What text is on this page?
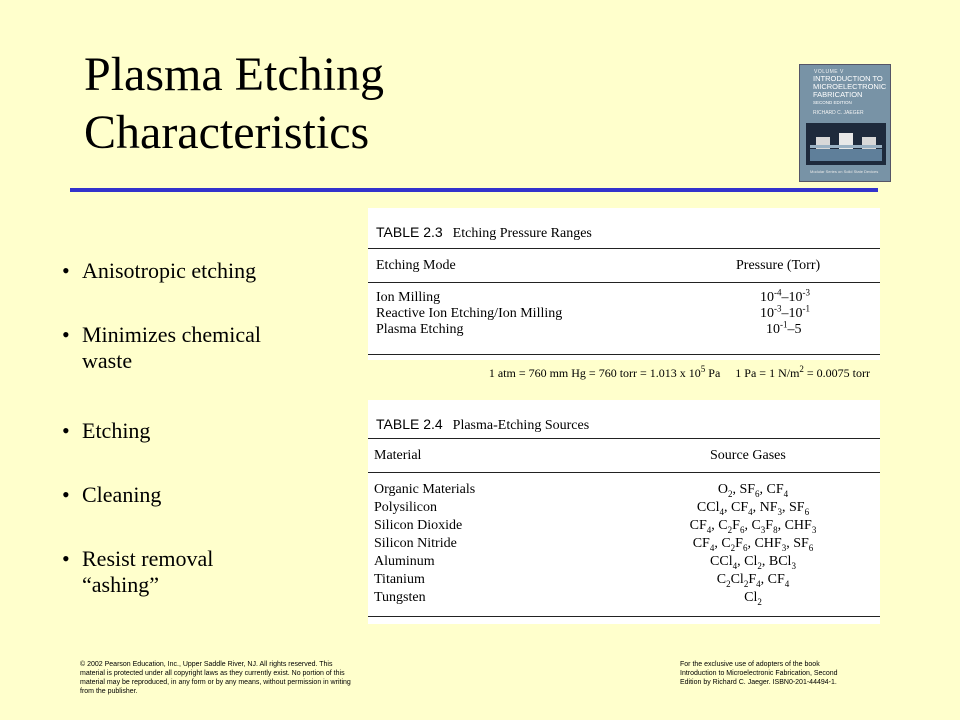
Plasma Etching
Characteristics
VOLUME V
INTRODUCTION TO
MICROELECTRONIC
FABRICATION
SECOND EDITION
RICHARD C. JAEGER
Modular Series on Solid State Devices
• Anisotropic etching
• Minimizes chemical
waste
• Etching
• Cleaning
• Resist removal
“ashing”
TABLE 2.3 Etching Pressure Ranges
Etching Mode	Pressure (Torr)
Ion Milling	$10^{-4}-10^{-3}$
Reactive Ion Etching/Ion Milling	$10^{-3}-10^{-1}$
Plasma Etching	$10^{-1}-5$
1 atm = 760 mm Hg = 760 torr = 1.013 x $10^5$ Pa     1 Pa = 1 $N/m^2 = 0.0075$ torr
TABLE 2.4 Plasma-Etching Sources
Material	Source Gases
Organic Materials	$O_2$, $SF_6$, $CF_4$
Polysilicon	CCl$_4$, $CF_4$, $NF_3$, $SF_6$
Silicon Dioxide	$CF_4$, $C_2F_6$, $C_3F_8$, $CHF_3$
Silicon Nitride	$CF_4$, $C_2F_6$, $CHF_3$, $SF_6$
Aluminum	CCl$_4$, $Cl_2$, BCl$_3$
Titanium	$C_2Cl_2F_4$, $CF_4$
Tungsten	$Cl_2$
© 2002 Pearson Education, Inc., Upper Saddle River, NJ. All rights reserved. This
material is protected under all copyright laws as they currently exist. No portion of this
material may be reproduced, in any form or by any means, without permission in writing
from the publisher.
For the exclusive use of adopters of the book
Introduction to Microelectronic Fabrication, Second
Edition by Richard C. Jaeger. ISBN0-201-44494-1.
